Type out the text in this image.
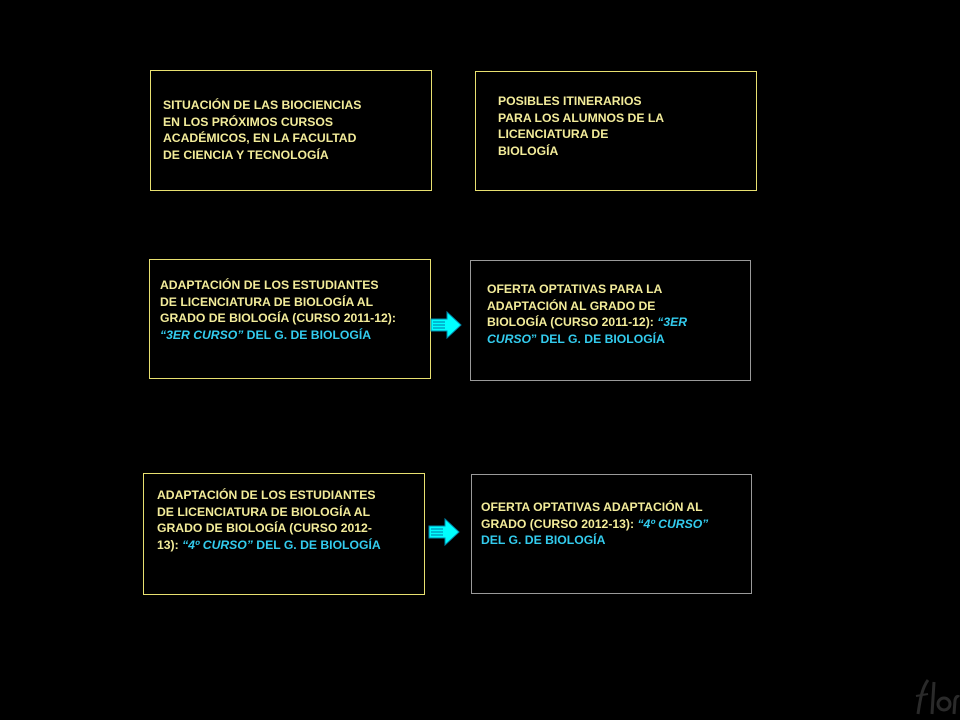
SITUACIÓN DE LAS BIOCIENCIAS
EN LOS PRÓXIMOS CURSOS
ACADÉMICOS, EN LA FACULTAD
DE CIENCIA Y TECNOLOGÍA
POSIBLES ITINERARIOS
PARA LOS ALUMNOS DE LA
LICENCIATURA DE
BIOLOGÍA
ADAPTACIÓN DE LOS ESTUDIANTES
DE LICENCIATURA DE BIOLOGÍA AL
GRADO DE BIOLOGÍA (CURSO 2011-12):
“3ER CURSO” DEL G. DE BIOLOGÍA
OFERTA OPTATIVAS PARA LA
ADAPTACIÓN AL GRADO DE
BIOLOGÍA (CURSO 2011-12): “3ER
CURSO” DEL G. DE BIOLOGÍA
ADAPTACIÓN DE LOS ESTUDIANTES
DE LICENCIATURA DE BIOLOGÍA AL
GRADO DE BIOLOGÍA (CURSO 2012-
13): “4º CURSO” DEL G. DE BIOLOGÍA
OFERTA OPTATIVAS ADAPTACIÓN AL
GRADO (CURSO 2012-13): “4º CURSO”
DEL G. DE BIOLOGÍA
